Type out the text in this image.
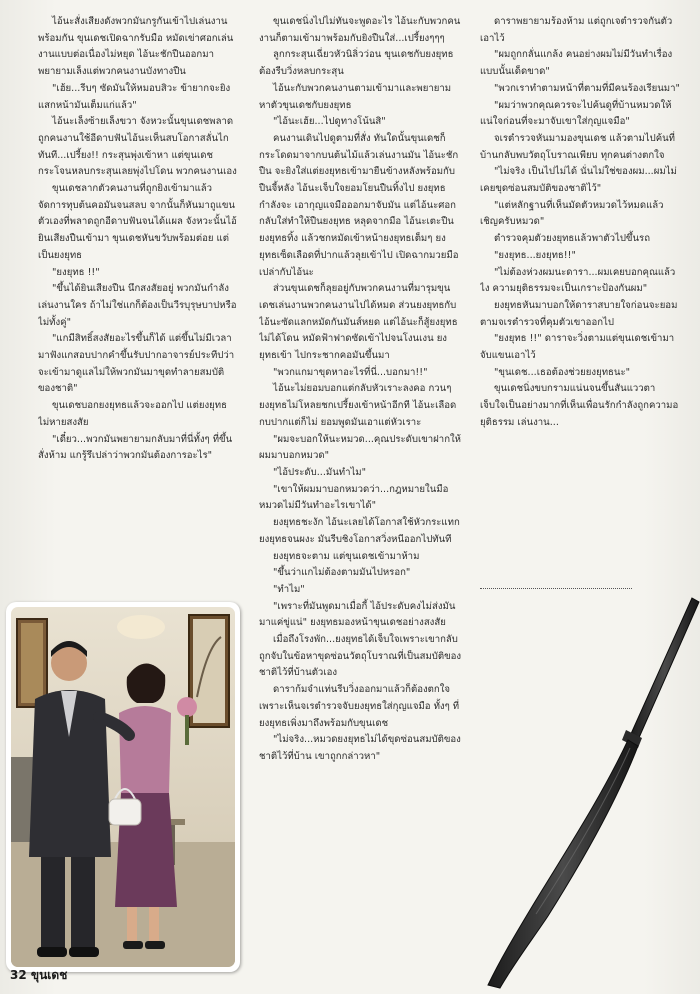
ไอ้นะสั่งเสียงดังพวกมันกรูกันเข้าไปเล่นงานพร้อมกัน ขุนเดชเปิดฉากรับมือ หมัดเข่าศอกเล่นงานแบบต่อเนื่องไม่หยุด ไอ้นะชักปืนออกมาพยายามเล็งแต่พวกคนงานบังทางปืน

"เฮ้ย...รีบๆ ซัดมันให้หมอบสิวะ ข้ายากจะยิงแสกหน้ามันเต็มแก่แล้ว"

ไอ้นะเล็งซ้ายเล็งขวา จังหวะนั้นขุนเดชพลาดถูกคนงานใช้อีดาบฟันไอ้นะเห็นสบโอกาสลั่นไกทันที...เปรี้ยง!! กระสุนพุ่งเข้าหา แต่ขุนเดชกระโจนหลบกระสุนเลยพุ่งไปโดน พวกคนงานเอง

ขุนเดชลากตัวคนงานที่ถูกยิงเข้ามาแล้วจัดการทุบต้นคอมันจนสลบ จากนั้นก็หันมาถูแขนตัวเองที่พลาดถูกอีดาบฟันจนได้แผล จังหวะนั้นไอ้ยินเสียงปืนเข้ามา ขุนเดชหันขวับพร้อมต่อย แต่เป็นยงยุทธ

"ยงยุทธ !!"

"ขึ้นได้ยินเสียงปืน นึกสงสัยอยู่ พวกมันกำลังเล่นงานใคร ถ้าไม่ใช่แกก็ต้องเป็นวีรบุรุษบาปหรือ ไม่ทั้งคู่"

"แกมีสิทธิ์สงสัยอะไรขึ้นก็ได้ แต่ขึ้นไม่มีเวลามาฟังแกสอบปากคำขึ้นรับปากอาจารย์ประทีปว่าจะเข้ามาดูแลไม่ให้พวกมันมาขุดทำลายสมบัติของชาติ"

ขุนเดชบอกยงยุทธแล้วจะออกไป แต่ยงยุทธไม่หายสงสัย

"เดี๋ยว...พวกมันพยายามกลับมาที่นี่ทั้งๆ ที่ขึ้นสั่งห้าม แกรู้รึเปล่าว่าพวกมันต้องการอะไร"

ขุนเดชนิ่งไปไม่ทันจะพูดอะไร ไอ้นะกับพวกคนงานก็ตามเข้ามาพร้อมกับยิงปืนใส่...เปรี้ยงๆๆๆ

ลูกกระสุนเฉี่ยวหัวนิลิ่วว่อน ขุนเดชกับยงยุทธต้องรีบวิ่งหลบกระสุน

ไอ้นะกับพวกคนงานตามเข้ามาและพยายามหาตัวขุนเดชกับยงยุทธ

"ไอ้นะเฮ้ย...ไปดูทางโน้นสิ"

คนงานเดินไปดูตามที่สั่ง ทันใดนั้นขุนเดชก็กระโดดมาจากบนต้นไม้แล้วเล่นงานมัน ไอ้นะชักปืน จะยิงใส่แต่ยงยุทธเข้ามายืนข้างหลังพร้อมกับปืนจี้หลัง ไอ้นะเจ็บใจยอมโยนปืนทิ้งไป ยงยุทธกำลังจะ เอากุญแจมือออกมาจับมัน แต่ไอ้นะศอกกลับใส่ทำให้ปืนยงยุทธ หลุดจากมือ ไอ้นะเตะปืนยงยุทธทิ้ง แล้วชกหมัดเข้าหน้ายงยุทธเต็มๆ ยงยุทธเซ็ดเลือดที่ปากแล้วลุยเข้าไป เปิดฉากมวยมือเปล่ากับไอ้นะ

ส่วนขุนเดชก็ลุยอยู่กับพวกคนงานที่มารุมขุนเดชเล่นงานพวกคนงานไปได้หมด ส่วนยงยุทธกับ ไอ้นะซัดแลกหมัดกันมันส์หยด แต่ไอ้นะก็สู้ยงยุทธไม่ได้โดน หมัดฟ้าฟาดซัดเข้าไปจนโงนเงน ยงยุทธเข้า ไปกระชากคอมันขึ้นมา

"พวกแกมาขุดหาอะไรที่นี่...บอกมา!!"

ไอ้นะไม่ยอมบอกแต่กลับหัวเราะลงคอ กวนๆ ยงยุทธไม่โหลยชกเปรี้ยงเข้าหน้าอีกที ไอ้นะเลือดกบปากแต่ก็ไม่ ยอมพูดมันเอาแต่หัวเราะ

"ผมจะบอกให้นะหมวด...คุณประดับเขาฝากให้ผมมาบอกหมวด"

"ไอ้ประดับ...มันทำไม"

"เขาให้ผมมาบอกหมวดว่า...กฎหมายในมือหมวดไม่มีวันทำอะไรเขาได้"

ยงยุทธชะงัก ไอ้นะเลยได้โอกาสใช้หัวกระแทกยงยุทธจนผงะ มันรีบชิงโอกาสวิ่งหนีออกไปทันที

ยงยุทธจะตาม แต่ขุนเดชเข้ามาห้าม

"ขึ้นว่าแกไม่ต้องตามมันไปหรอก"

"ทำไม"

"เพราะที่มันพูดมาเมื่อกี้ ไอ้ประดับคงไม่ส่งมันมาแค่ขู่แน่" ยงยุทธมองหน้าขุนเดชอย่างสงสัย

เมื่อถึงโรงพัก...ยงยุทธได้เจ็บใจเพราะเขากลับถูกจับในข้อหาขุดซ่อนวัตถุโบราณที่เป็นสมบัติของชาติไว้ที่บ้านตัวเอง

ดาราก้มจำแท่นรีบวิ่งออกมาแล้วก็ต้องตกใจเพราะเห็นจเรตำรวจจับยงยุทธใส่กุญแจมือ ทั้งๆ ที่ยงยุทธเพิ่งมาถึงพร้อมกับขุนเดช

"ไม่จริง...หมวดยงยุทธไม่ได้ขุดซ่อนสมบัติของชาติไว้ที่บ้าน เขาถูกกล่าวหา"

ดาราพยายามร้องห้าม แต่ถูกเจตำรวจกันตัวเอาไว้

"ผมถูกกลั่นแกล้ง คนอย่างผมไม่มีวันทำเรื่องแบบนั้นเด็ดขาด"

"พวกเราทำตามหน้าที่ตามที่มีคนร้องเรียนมา"

"ผมว่าพวกคุณควรจะไปค้นดูที่บ้านหมวดให้แน่ใจก่อนที่จะมาจับเขาใส่กุญแจมือ"

จเรตำรวจหันมามองขุนเดช แล้วตามไปค้นที่บ้านกลับพบวัตถุโบราณเพียบ ทุกคนต่างตกใจ

"ไม่จริง เป็นไปไม่ได้ นั่นไม่ใช่ของผม...ผมไม่เคยขุดซ่อนสมบัติของชาติไว้"

"แต่หลักฐานที่เห็นมัดตัวหมวดไว้หมดแล้ว เชิญครับหมวด"

ตำรวจคุมตัวยงยุทธแล้วพาตัวไปขึ้นรถ

"ยงยุทธ...ยงยุทธ!!"

"ไม่ต้องห่วงผมนะดารา...ผมเคยบอกคุณแล้วไง ความยุติธรรมจะเป็นเกราะป้องกันผม"

ยงยุทธหันมาบอกให้ดาราสบายใจก่อนจะยอมตามจเรตำรวจที่คุมตัวเขาออกไป

"ยงยุทธ !!" ดาราจะวิ่งตามแต่ขุนเดชเข้ามาจับแขนเอาไว้

"ขุนเดช...เธอต้องช่วยยงยุทธนะ"

ขุนเดชนิ่งขบกรามแน่นจนขึ้นสันแววตาเจ็บใจเป็นอย่างมากที่เห็นเพื่อนรักกำลังถูกความอยุติธรรม เล่นงาน...

32 ขุนเดช
